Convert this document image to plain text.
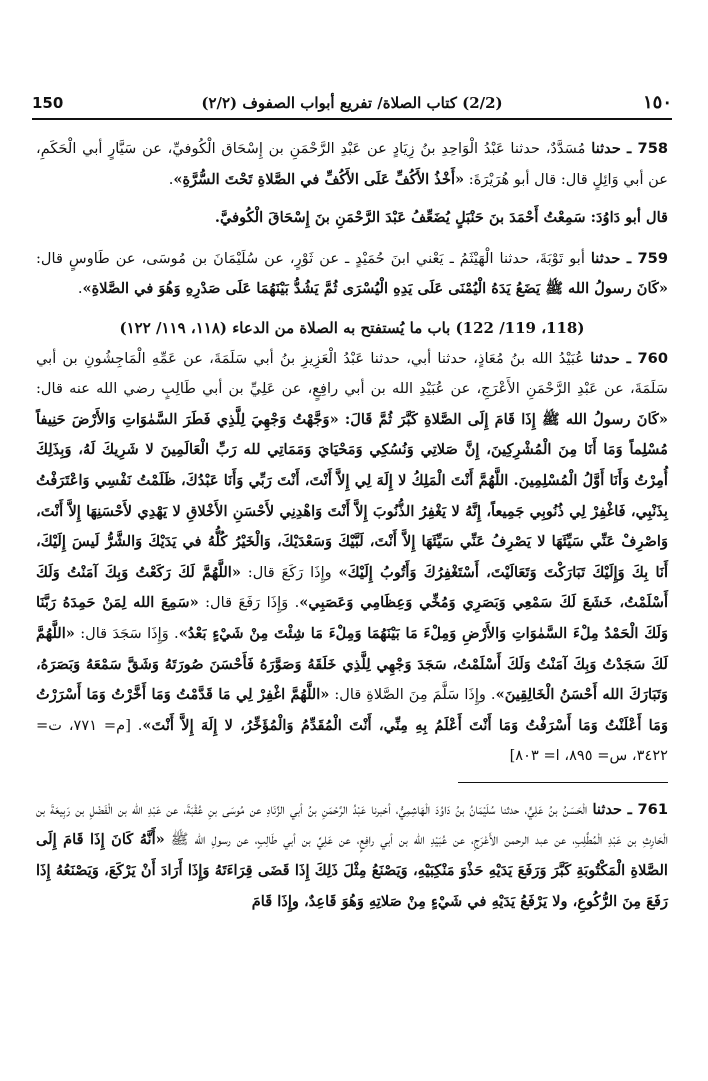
150	(2/2) كتاب الصلاة/ تفريع أبواب الصفوف (٢/٢)	١٥٠

758 ـ حدثنا مُسَدَّدٌ، حدثنا عَبْدُ الْوَاحِدِ بنُ زِيَادٍ عن عَبْدِ الرَّحْمَنِ بن إِسْحَاق الْكُوفيِّ، عن سَيَّارٍ أبي الْحَكَمِ، عن أبي وَائِلٍ قال: قال أبو هُرَيْرَةَ: «أَخْذُ الأَكُفِّ عَلَى الأَكُفِّ في الصَّلاةِ تَحْتَ السُّرَّةِ».

قال أبو دَاوُدَ: سَمِعْتُ أَحْمَدَ بنَ حَنْبَلٍ يُضَعِّفُ عَبْدَ الرَّحْمَنِ بنَ إِسْحَاقَ الْكُوفيَّ.

759 ـ حدثنا أبو تَوْبَةَ، حدثنا الْهَيْثَمُ ـ يَعْني ابنَ حُمَيْدٍ ـ عن ثَوْرٍ، عن سُلَيْمَانَ بن مُوسَى، عن طَاوسٍ قال: «كَانَ رسولُ الله ﷺ يَضَعُ يَدَهُ الْيُمْنَى عَلَى يَدِهِ الْيُسْرَى ثُمَّ يَشُدُّ بَيْنَهُمَا عَلَى صَدْرِهِ وَهُوَ في الصَّلاةِ».

(118، 119/ 122) باب ما يُستفتح به الصلاة من الدعاء (١١٨، ١١٩/ ١٢٢)

760 ـ حدثنا عُبَيْدُ الله بنُ مُعَاذٍ، حدثنا أبي، حدثنا عَبْدُ الْعَزِيزِ بنُ أبي سَلَمَةَ، عن عَمِّهِ الْمَاجِشُونِ بن أبي سَلَمَةَ، عن عَبْدِ الرَّحْمَنِ الأَعْرَجِ، عن عُبَيْدِ الله بن أبي رافِعٍ، عن عَلِيِّ بن أبي طَالِبٍ رضي الله عنه قال: «كَانَ رسولُ الله ﷺ إِذَا قَامَ إِلَى الصَّلاةِ كَبَّرَ ثُمَّ قَالَ: «وَجَّهْتُ وَجْهِيَ لِلَّذِي فَطَرَ السَّمٰوَاتِ وَالأَرْضَ حَنِيفاً مُسْلِماً وَمَا أَنَا مِنَ الْمُشْرِكِينَ، إِنَّ صَلاتِي وَنُسُكِي وَمَحْيَايَ وَمَمَاتِي لله رَبِّ الْعَالَمِينَ لا شَرِيكَ لَهُ، وَبِذَلِكَ أُمِرْتُ وَأَنَا أَوَّلُ الْمُسْلِمِينَ. اللَّهُمَّ أَنْتَ الْمَلِكُ لا إِلَهَ لِي إِلاَّ أَنْتَ، أَنْتَ رَبِّي وَأَنَا عَبْدُكَ، ظَلَمْتُ نَفْسِي وَاعْتَرَفْتُ بِذَنْبِي، فَاغْفِرْ لِي ذُنُوبِي جَمِيعاً، إِنَّهُ لا يَغْفِرُ الذُّنُوبَ إِلاَّ أَنْتَ وَاهْدِنِي لأَحْسَنِ الأَخْلاقِ لا يَهْدِي لأَحْسَنِهَا إِلاَّ أَنْتَ، وَاصْرِفْ عَنِّي سَيِّئَهَا لا يَصْرِفُ عَنِّي سَيِّئَهَا إِلاَّ أَنْتَ، لَبَّيْكَ وَسَعْدَيْكَ، وَالْخَيْرُ كُلُّهُ في يَدَيْكَ وَالشَّرُّ لَيسَ إِلَيْكَ، أَنَا بِكَ وَإِلَيْكَ تَبَارَكْتَ وَتَعَالَيْتَ، أَسْتَغْفِرُكَ وَأَتُوبُ إِلَيْكَ» وإِذَا رَكَعَ قال: «اللَّهُمَّ لَكَ رَكَعْتُ وَبِكَ آمَنْتُ وَلَكَ أَسْلَمْتُ، خَشَعَ لَكَ سَمْعِي وَبَصَرِي وَمُخِّي وَعِظَامِي وَعَصَبِي». وَإِذَا رَفَعَ قال: «سَمِعَ الله لِمَنْ حَمِدَهُ رَبَّنَا وَلَكَ الْحَمْدُ مِلْءَ السَّمٰوَاتِ وَالأَرْضِ وَمِلْءَ مَا بَيْنَهُمَا وَمِلْءَ مَا شِئْتَ مِنْ شَيْءٍ بَعْدُ». وَإِذَا سَجَدَ قال: «اللَّهُمَّ لَكَ سَجَدْتُ وَبِكَ آمَنْتُ وَلَكَ أَسْلَمْتُ، سَجَدَ وَجْهِي لِلَّذِي خَلَقَهُ وَصَوَّرَهُ فَأَحْسَنَ صُورَتَهُ وَشَقَّ سَمْعَهُ وَبَصَرَهُ، وَتَبَارَكَ الله أَحْسَنُ الْخَالِقِينَ». وإِذَا سَلَّمَ مِنَ الصَّلاةِ قال: «اللَّهُمَّ اغْفِرْ لِي مَا قَدَّمْتُ وَمَا أَخَّرْتُ وَمَا أَسْرَرْتُ وَمَا أَعْلَنْتُ وَمَا أَسْرَفْتُ وَمَا أَنْتَ أَعْلَمُ بِهِ مِنِّي، أَنْتَ الْمُقَدِّمُ وَالْمُؤَخِّرُ، لا إِلَهَ إِلاَّ أَنْتَ». [م= ٧٧١، ت= ٣٤٢٢، س= ٨٩٥، ا= ٨٠٣]

761 ـ حدثنا الْحَسَنُ بنُ عَلِيٍّ، حدثنا سُلَيْمَانُ بنُ دَاوُدَ الْهَاشِمِيُّ، أخبرنا عَبْدُ الرَّحْمَنِ بنُ أبي الزِّنَادِ عن مُوسَى بنِ عُقْبَةَ، عن عَبْدِ الله بن الْفَضْلِ بن رَبِيعَةَ بن الْحَارِثِ بن عَبْدِ الْمُطَّلِبِ، عن عبد الرحمن الأَعْرَجِ، عن عُبَيْدِ الله بن أبي رافِعٍ، عن عَلِيِّ بن أبي طَالِبٍ، عن رسولِ الله ﷺ «أَنَّهُ كَانَ إِذَا قَامَ إِلَى الصَّلاةِ الْمَكْتُوبَةِ كَبَّرَ وَرَفَعَ يَدَيْهِ حَذْوَ مَنْكِبَيْهِ، وَيَصْنَعُ مِثْلَ ذَلِكَ إِذَا قَضَى قِرَاءَتَهُ وَإِذَا أَرَادَ أَنْ يَرْكَعَ، وَيَصْنَعُهُ إِذَا رَفَعَ مِنَ الرُّكُوعِ، ولا يَرْفَعُ يَدَيْهِ في شَيْءٍ مِنْ صَلاتِهِ وَهُوَ قَاعِدٌ، وإِذَا قَامَ
